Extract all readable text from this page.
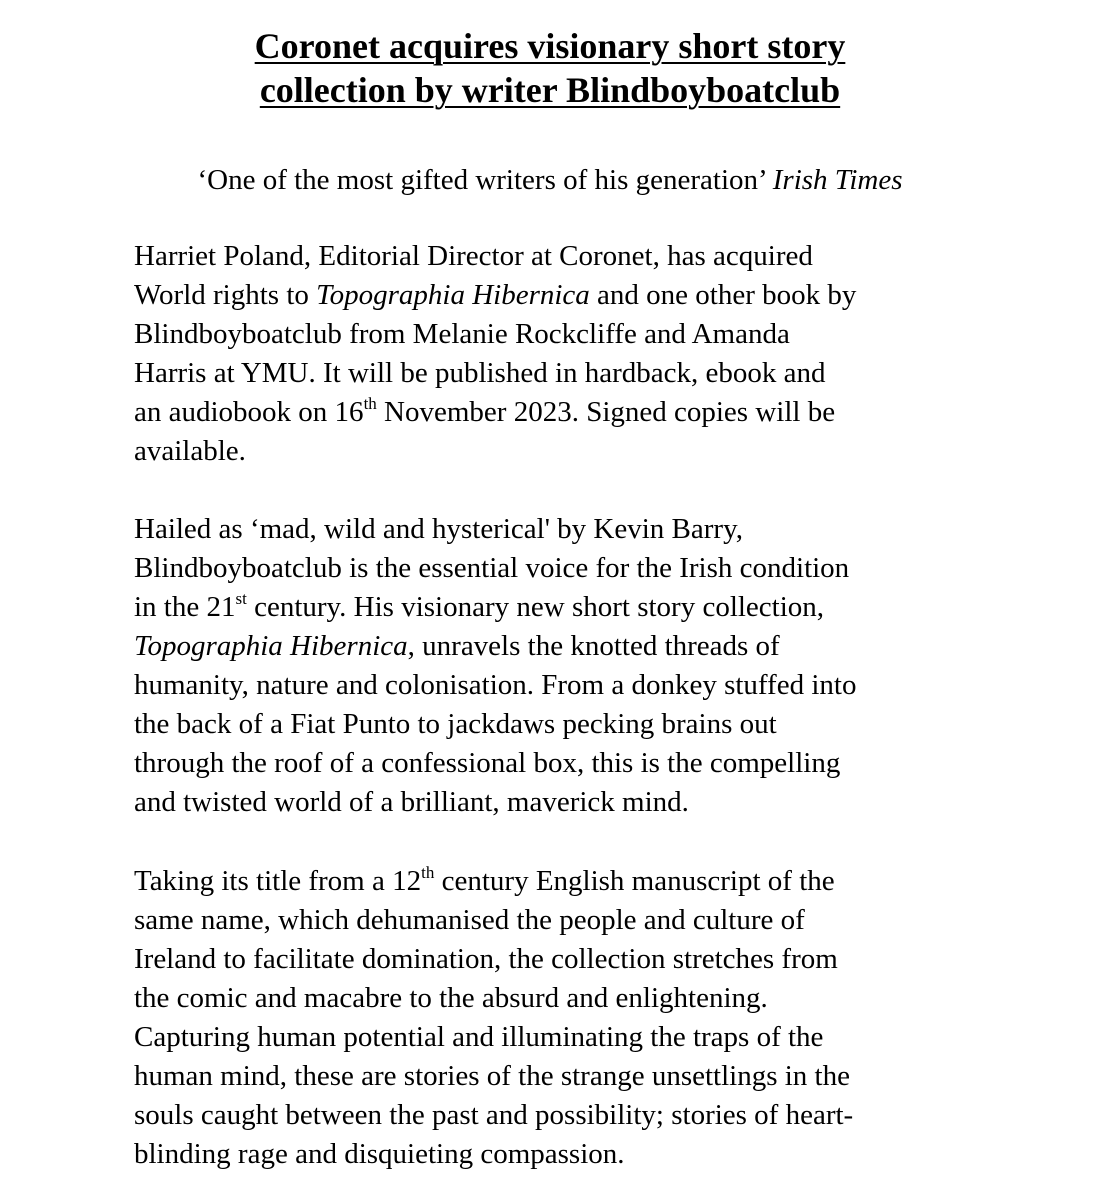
Coronet acquires visionary short story
collection by writer Blindboyboatclub

‘One of the most gifted writers of his generation’ Irish Times

Harriet Poland, Editorial Director at Coronet, has acquired
World rights to Topographia Hibernica and one other book by
Blindboyboatclub from Melanie Rockcliffe and Amanda
Harris at YMU. It will be published in hardback, ebook and
an audiobook on 16th November 2023. Signed copies will be
available.

Hailed as ‘mad, wild and hysterical' by Kevin Barry,
Blindboyboatclub is the essential voice for the Irish condition
in the 21st century. His visionary new short story collection,
Topographia Hibernica, unravels the knotted threads of
humanity, nature and colonisation. From a donkey stuffed into
the back of a Fiat Punto to jackdaws pecking brains out
through the roof of a confessional box, this is the compelling
and twisted world of a brilliant, maverick mind.

Taking its title from a 12th century English manuscript of the
same name, which dehumanised the people and culture of
Ireland to facilitate domination, the collection stretches from
the comic and macabre to the absurd and enlightening.
Capturing human potential and illuminating the traps of the
human mind, these are stories of the strange unsettlings in the
souls caught between the past and possibility; stories of heart-
blinding rage and disquieting compassion.
